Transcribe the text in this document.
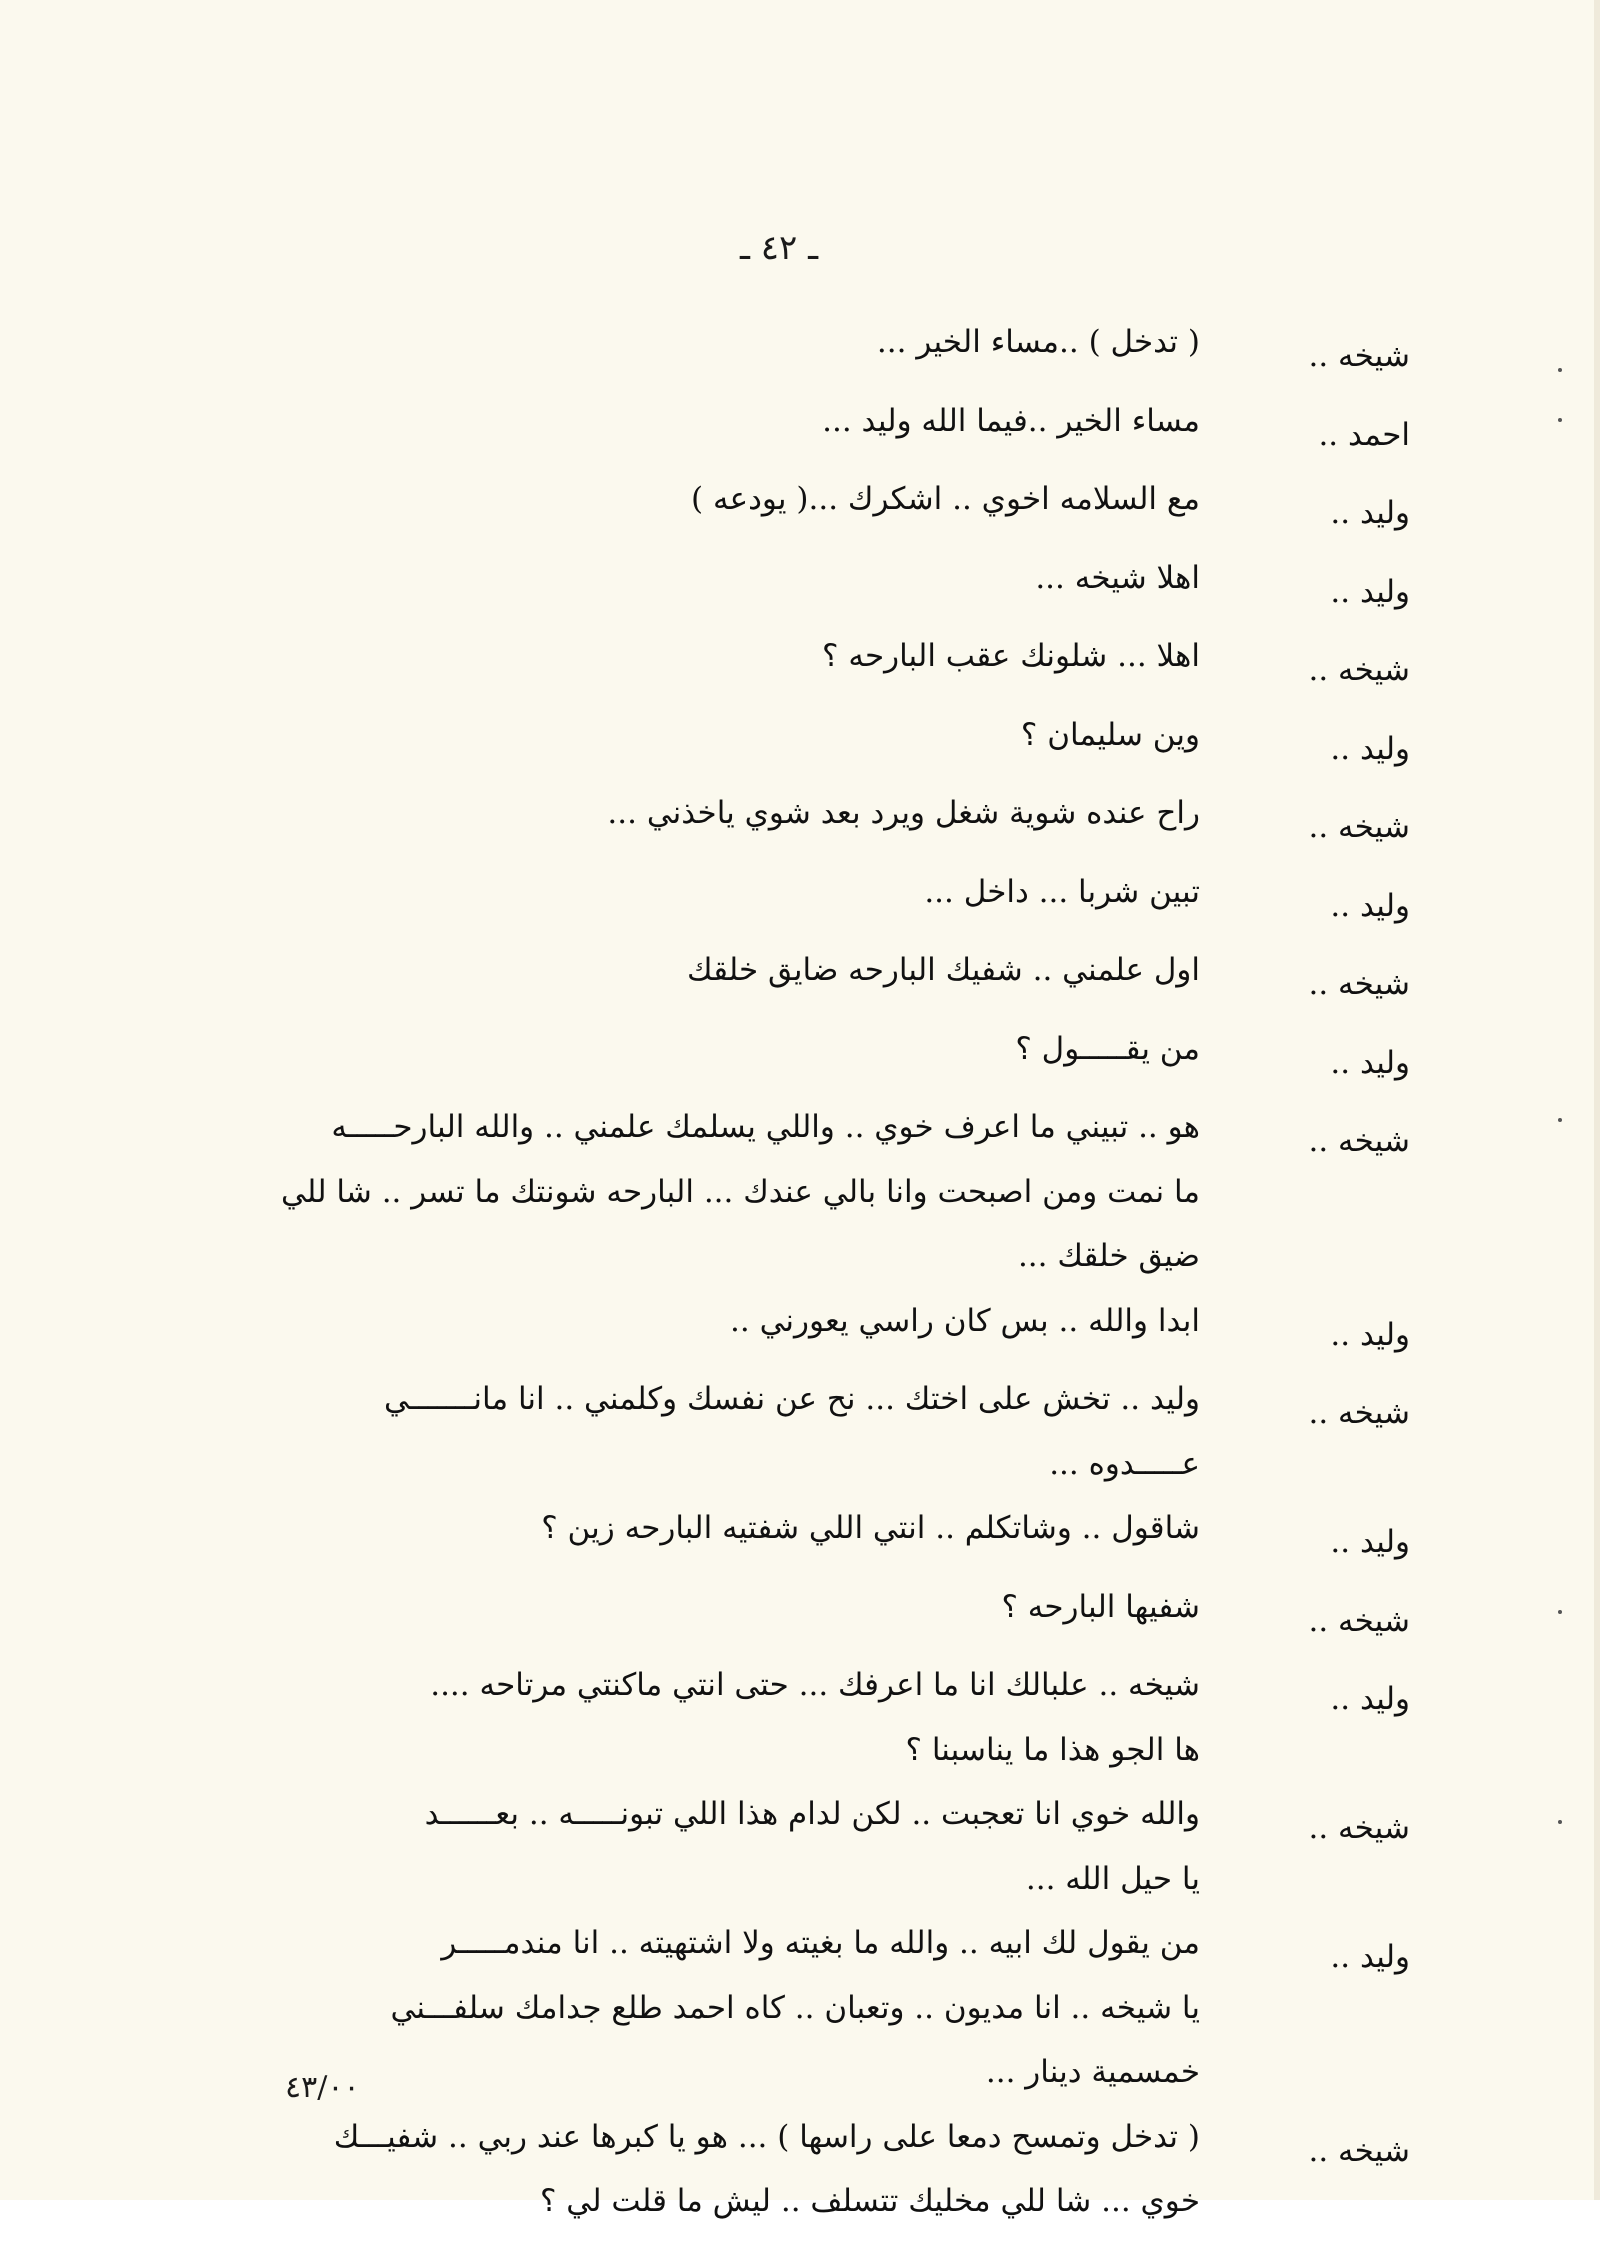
ـ ٤٢ ـ
شيخه ..
( تدخل ) ..مساء الخير ...
احمد ..
مساء الخير ..فيما الله وليد ...
وليد ..
مع السلامه اخوي .. اشكرك ...( يودعه )
وليد ..
اهلا شيخه ...
شيخه ..
اهلا ... شلونك عقب البارحه ؟
وليد ..
وين سليمان ؟
شيخه ..
راح عنده شوية شغل ويرد بعد شوي ياخذني ...
وليد ..
تبين شربا ... داخل ...
شيخه ..
اول علمني .. شفيك البارحه ضايق خلقك
وليد ..
من يقـــــول ؟
شيخه ..
هو .. تبيني ما اعرف خوي .. واللي يسلمك علمني .. والله البارحـــــه
ما نمت ومن اصبحت وانا بالي عندك ... البارحه شونتك ما تسر .. شا للي
ضيق خلقك ...
وليد ..
ابدا والله .. بس كان راسي يعورني ..
شيخه ..
وليد .. تخش على اختك ... نح عن نفسك وكلمني .. انا مانـــــــي
عـــــدوه ...
وليد ..
شاقول .. وشاتكلم .. انتي اللي شفتيه البارحه زين ؟
شيخه ..
شفيها البارحه ؟
وليد ..
شيخه .. علبالك انا ما اعرفك ... حتى انتي ماكنتي مرتاحه ....
ها الجو هذا ما يناسبنا ؟
شيخه ..
والله خوي انا تعجبت .. لكن لدام هذا اللي تبونـــــه .. بعــــــد
يا حيل الله ...
وليد ..
من يقول لك ابيه .. والله ما بغيته ولا اشتهيته .. انا مندمـــــر
يا شيخه .. انا مديون .. وتعبان .. كاه احمد طلع جدامك سلفـــني
خمسمية دينار ...
شيخه ..
( تدخل وتمسح دمعا على راسها ) ... هو يا كبرها عند ربي .. شفيـــك
خوي ... شا للي مخليك تتسلف .. ليش ما قلت لي ؟
٤٣/٠٠
